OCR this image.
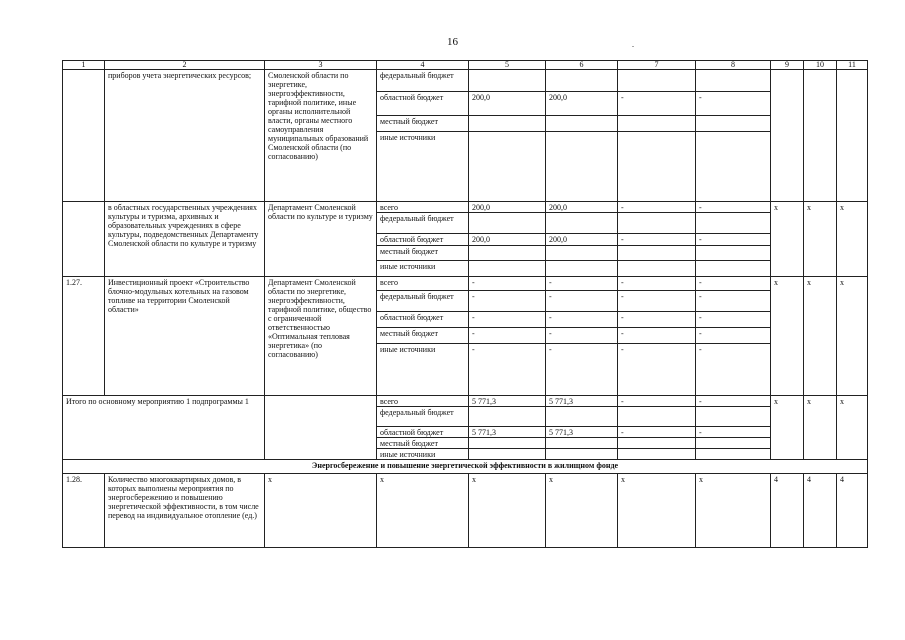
16	.
1	2	3	4	5	6	7	8	9	10	11
	приборов учета энергетических ресурсов;	Смоленской области по энергетике, энергоэффективности, тарифной политике, иные органы исполнительной власти, органы местного самоуправления муниципальных образований Смоленской области (по согласованию)	федеральный бюджет							
			областной бюджет	200,0	200,0	-	-			
			местный бюджет							
			иные источники							
	в областных государственных учреждениях культуры и туризма, архивных и образовательных учреждениях в сфере культуры, подведомственных Департаменту Смоленской области по культуре и туризму	Департамент Смоленской области по культуре и туризму	всего	200,0	200,0	-	-	x	x	x
			федеральный бюджет							
			областной бюджет	200,0	200,0	-	-			
			местный бюджет							
			иные источники							
1.27.	Инвестиционный проект «Строительство блочно-модульных котельных на газовом топливе на территории Смоленской области»	Департамент Смоленской области по энергетике, энергоэффективности, тарифной политике, общество с ограниченной ответственностью «Оптимальная тепловая энергетика» (по согласованию)	всего	-	-	-	-	x	x	x
			федеральный бюджет	-	-	-	-			
			областной бюджет	-	-	-	-			
			местный бюджет	-	-	-	-			
			иные источники	-	-	-	-			
Итого по основному мероприятию 1 подпрограммы 1			всего	5 771,3	5 771,3	-	-	x	x	x
			федеральный бюджет							
			областной бюджет	5 771,3	5 771,3	-	-			
			местный бюджет							
			иные источники							
Энергосбережение и повышение энергетической эффективности в жилищном фонде										
1.28.	Количество многоквартирных домов, в которых выполнены мероприятия по энергосбережению и повышению энергетической эффективности, в том числе перевод на индивидуальное отопление (ед.)	x	x	x	x	x	x	4	4	4
